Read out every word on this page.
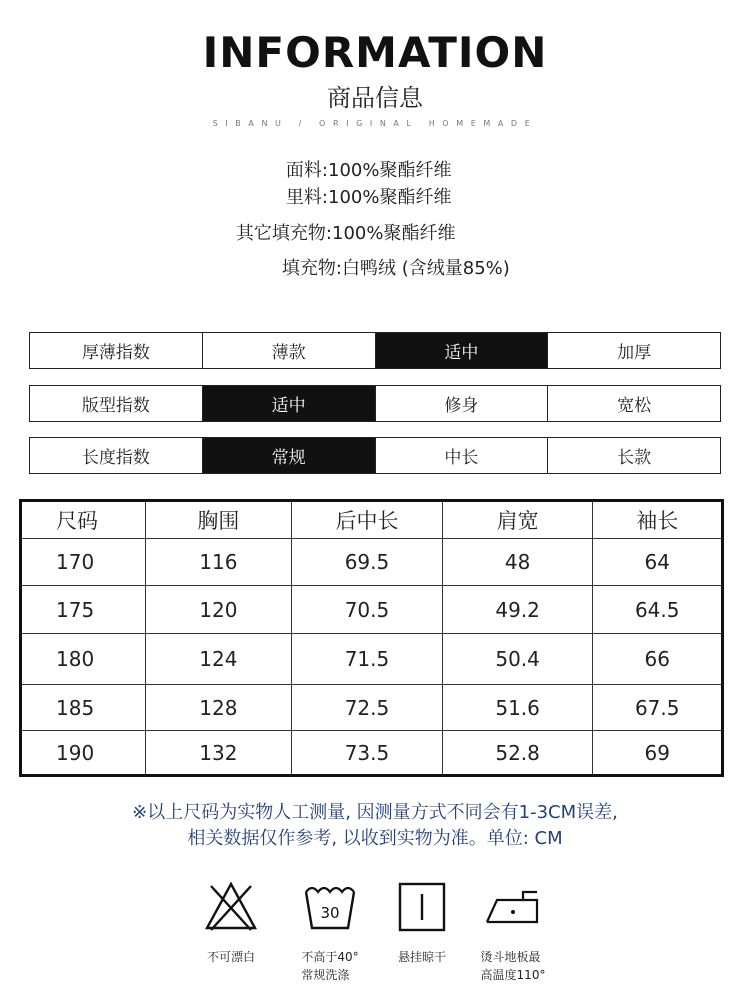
INFORMATION
商品信息
SIBANU / ORIGINAL HOMEMADE
面料:100%聚酯纤维
里料:100%聚酯纤维
其它填充物:100%聚酯纤维
填充物:白鸭绒 (含绒量85%)
厚薄指数	薄款	适中	加厚
版型指数	适中	修身	宽松
长度指数	常规	中长	长款
尺码	胸围	后中长	肩宽	袖长
170	116	69.5	48	64
175	120	70.5	49.2	64.5
180	124	71.5	50.4	66
185	128	72.5	51.6	67.5
190	132	73.5	52.8	69
※以上尺码为实物人工测量, 因测量方式不同会有1-3CM误差,
相关数据仅作参考, 以收到实物为准。单位: CM
不可漂白
30
不高于40°
常规洗涤
悬挂晾干	烫斗地板最
高温度110°
